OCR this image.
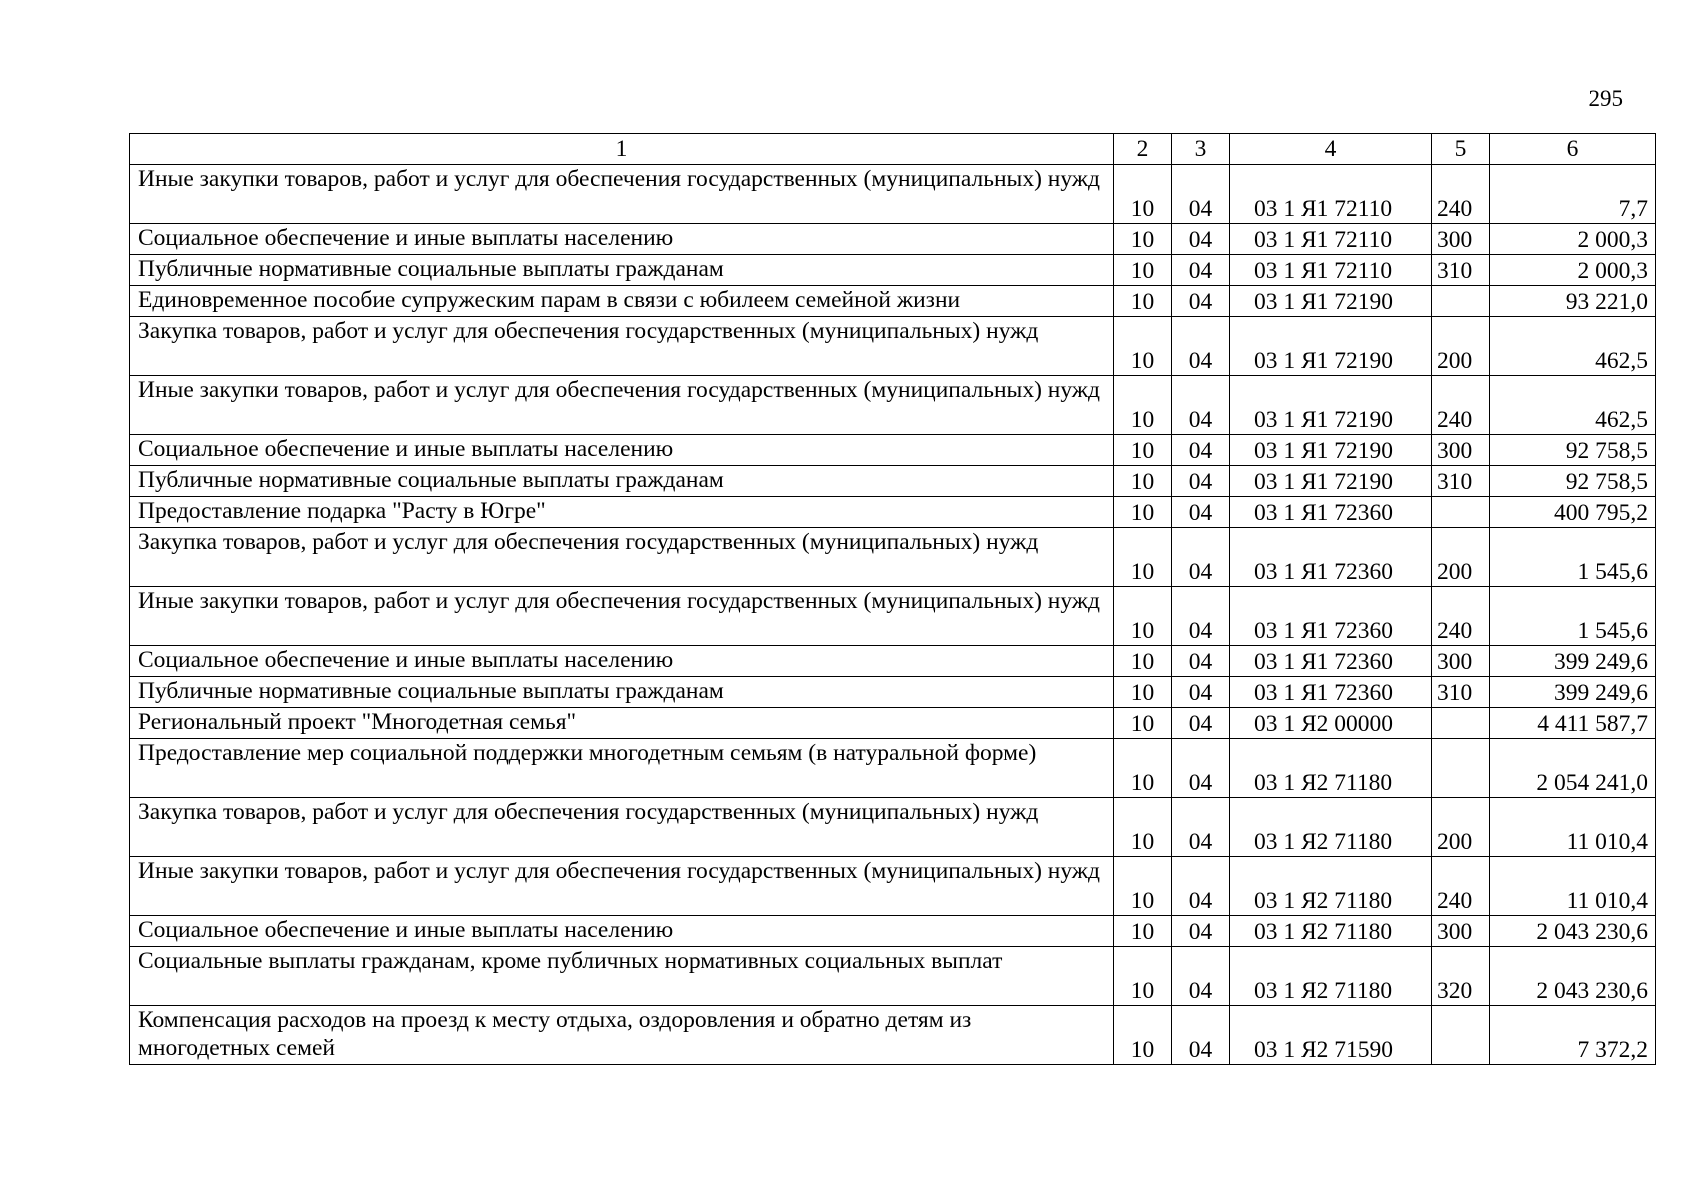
295
1	2	3	4	5	6
Иные закупки товаров, работ и услуг для обеспечения государственных (муниципальных) нужд	10	04	03 1 Я1 72110	240	7,7
Социальное обеспечение и иные выплаты населению	10	04	03 1 Я1 72110	300	2 000,3
Публичные нормативные социальные выплаты гражданам	10	04	03 1 Я1 72110	310	2 000,3
Единовременное пособие супружеским парам в связи с юбилеем семейной жизни	10	04	03 1 Я1 72190		93 221,0
Закупка товаров, работ и услуг для обеспечения государственных (муниципальных) нужд	10	04	03 1 Я1 72190	200	462,5
Иные закупки товаров, работ и услуг для обеспечения государственных (муниципальных) нужд	10	04	03 1 Я1 72190	240	462,5
Социальное обеспечение и иные выплаты населению	10	04	03 1 Я1 72190	300	92 758,5
Публичные нормативные социальные выплаты гражданам	10	04	03 1 Я1 72190	310	92 758,5
Предоставление подарка "Расту в Югре"	10	04	03 1 Я1 72360		400 795,2
Закупка товаров, работ и услуг для обеспечения государственных (муниципальных) нужд	10	04	03 1 Я1 72360	200	1 545,6
Иные закупки товаров, работ и услуг для обеспечения государственных (муниципальных) нужд	10	04	03 1 Я1 72360	240	1 545,6
Социальное обеспечение и иные выплаты населению	10	04	03 1 Я1 72360	300	399 249,6
Публичные нормативные социальные выплаты гражданам	10	04	03 1 Я1 72360	310	399 249,6
Региональный проект "Многодетная семья"	10	04	03 1 Я2 00000		4 411 587,7
Предоставление мер социальной поддержки многодетным семьям (в натуральной форме)	10	04	03 1 Я2 71180		2 054 241,0
Закупка товаров, работ и услуг для обеспечения государственных (муниципальных) нужд	10	04	03 1 Я2 71180	200	11 010,4
Иные закупки товаров, работ и услуг для обеспечения государственных (муниципальных) нужд	10	04	03 1 Я2 71180	240	11 010,4
Социальное обеспечение и иные выплаты населению	10	04	03 1 Я2 71180	300	2 043 230,6
Социальные выплаты гражданам, кроме публичных нормативных социальных выплат	10	04	03 1 Я2 71180	320	2 043 230,6
Компенсация расходов на проезд к месту отдыха, оздоровления и обратно детям из многодетных семей	10	04	03 1 Я2 71590		7 372,2
